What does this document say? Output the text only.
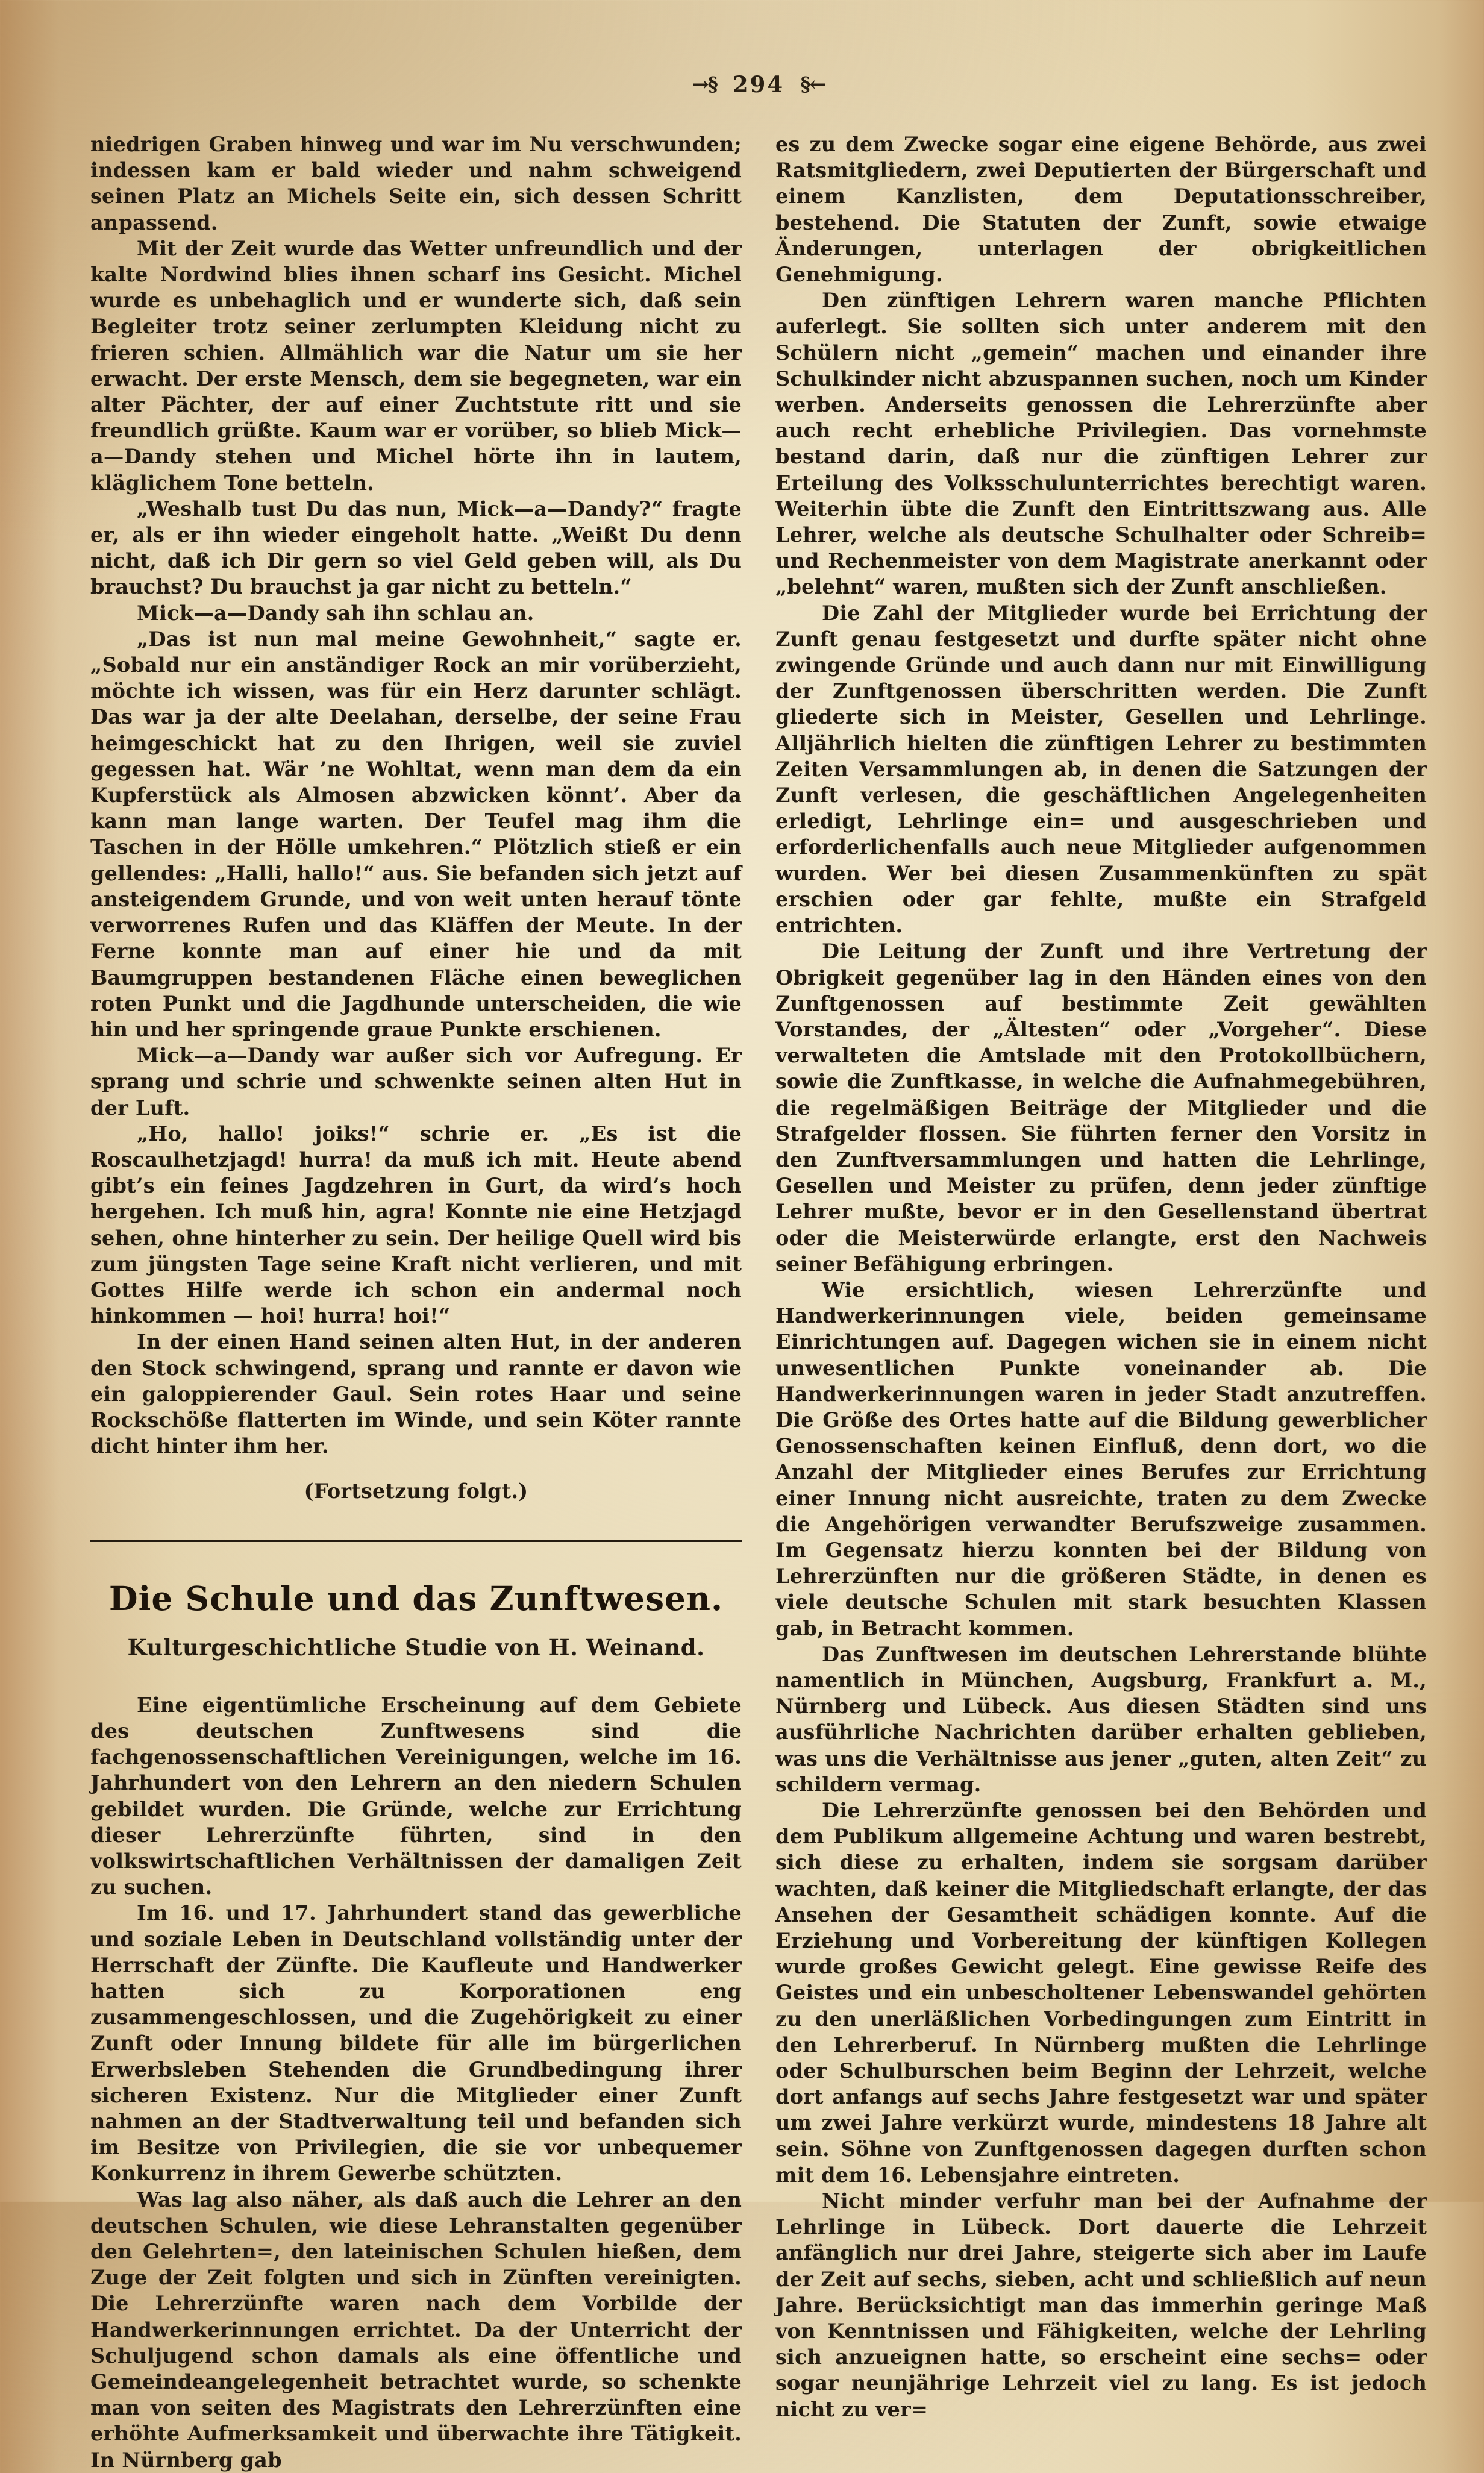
→§ 294 §←

niedrigen Graben hinweg und war im Nu verschwunden; indessen kam er bald wieder und nahm schweigend seinen Platz an Michels Seite ein, sich dessen Schritt anpassend.

Mit der Zeit wurde das Wetter unfreundlich und der kalte Nordwind blies ihnen scharf ins Gesicht. Michel wurde es unbehaglich und er wunderte sich, daß sein Begleiter trotz seiner zerlumpten Kleidung nicht zu frieren schien. Allmählich war die Natur um sie her erwacht. Der erste Mensch, dem sie begegneten, war ein alter Pächter, der auf einer Zuchtstute ritt und sie freundlich grüßte. Kaum war er vorüber, so blieb Mick—a—Dandy stehen und Michel hörte ihn in lautem, kläglichem Tone betteln.

„Weshalb tust Du das nun, Mick—a—Dandy?“ fragte er, als er ihn wieder eingeholt hatte. „Weißt Du denn nicht, daß ich Dir gern so viel Geld geben will, als Du brauchst? Du brauchst ja gar nicht zu betteln.“

Mick—a—Dandy sah ihn schlau an.

„Das ist nun mal meine Gewohnheit,“ sagte er. „Sobald nur ein anständiger Rock an mir vorüberzieht, möchte ich wissen, was für ein Herz darunter schlägt. Das war ja der alte Deelahan, derselbe, der seine Frau heimgeschickt hat zu den Ihrigen, weil sie zuviel gegessen hat. Wär ’ne Wohltat, wenn man dem da ein Kupferstück als Almosen abzwicken könnt’. Aber da kann man lange warten. Der Teufel mag ihm die Taschen in der Hölle umkehren.“ Plötzlich stieß er ein gellendes: „Halli, hallo!“ aus. Sie befanden sich jetzt auf ansteigendem Grunde, und von weit unten herauf tönte verworrenes Rufen und das Kläffen der Meute. In der Ferne konnte man auf einer hie und da mit Baumgruppen bestandenen Fläche einen beweglichen roten Punkt und die Jagdhunde unterscheiden, die wie hin und her springende graue Punkte erschienen.

Mick—a—Dandy war außer sich vor Aufregung. Er sprang und schrie und schwenkte seinen alten Hut in der Luft.

„Ho, hallo! joiks!“ schrie er. „Es ist die Roscaulhetzjagd! hurra! da muß ich mit. Heute abend gibt’s ein feines Jagdzehren in Gurt, da wird’s hoch hergehen. Ich muß hin, agra! Konnte nie eine Hetzjagd sehen, ohne hinterher zu sein. Der heilige Quell wird bis zum jüngsten Tage seine Kraft nicht verlieren, und mit Gottes Hilfe werde ich schon ein andermal noch hinkommen — hoi! hurra! hoi!“

In der einen Hand seinen alten Hut, in der anderen den Stock schwingend, sprang und rannte er davon wie ein galoppierender Gaul. Sein rotes Haar und seine Rockschöße flatterten im Winde, und sein Köter rannte dicht hinter ihm her.

(Fortsetzung folgt.)

Die Schule und das Zunftwesen.
Kulturgeschichtliche Studie von H. Weinand.

Eine eigentümliche Erscheinung auf dem Gebiete des deutschen Zunftwesens sind die fachgenossenschaftlichen Vereinigungen, welche im 16. Jahrhundert von den Lehrern an den niedern Schulen gebildet wurden. Die Gründe, welche zur Errichtung dieser Lehrerzünfte führten, sind in den volkswirtschaftlichen Verhältnissen der damaligen Zeit zu suchen.

Im 16. und 17. Jahrhundert stand das gewerbliche und soziale Leben in Deutschland vollständig unter der Herrschaft der Zünfte. Die Kaufleute und Handwerker hatten sich zu Korporationen eng zusammengeschlossen, und die Zugehörigkeit zu einer Zunft oder Innung bildete für alle im bürgerlichen Erwerbsleben Stehenden die Grundbedingung ihrer sicheren Existenz. Nur die Mitglieder einer Zunft nahmen an der Stadtverwaltung teil und befanden sich im Besitze von Privilegien, die sie vor unbequemer Konkurrenz in ihrem Gewerbe schützten.

Was lag also näher, als daß auch die Lehrer an den deutschen Schulen, wie diese Lehranstalten gegenüber den Gelehrten=, den lateinischen Schulen hießen, dem Zuge der Zeit folgten und sich in Zünften vereinigten. Die Lehrerzünfte waren nach dem Vorbilde der Handwerkerinnungen errichtet. Da der Unterricht der Schuljugend schon damals als eine öffentliche und Gemeindeangelegenheit betrachtet wurde, so schenkte man von seiten des Magistrats den Lehrerzünften eine erhöhte Aufmerksamkeit und überwachte ihre Tätigkeit. In Nürnberg gab

es zu dem Zwecke sogar eine eigene Behörde, aus zwei Ratsmitgliedern, zwei Deputierten der Bürgerschaft und einem Kanzlisten, dem Deputationsschreiber, bestehend. Die Statuten der Zunft, sowie etwaige Änderungen, unterlagen der obrigkeitlichen Genehmigung.

Den zünftigen Lehrern waren manche Pflichten auferlegt. Sie sollten sich unter anderem mit den Schülern nicht „gemein“ machen und einander ihre Schulkinder nicht abzuspannen suchen, noch um Kinder werben. Anderseits genossen die Lehrerzünfte aber auch recht erhebliche Privilegien. Das vornehmste bestand darin, daß nur die zünftigen Lehrer zur Erteilung des Volksschulunterrichtes berechtigt waren. Weiterhin übte die Zunft den Eintrittszwang aus. Alle Lehrer, welche als deutsche Schulhalter oder Schreib= und Rechenmeister von dem Magistrate anerkannt oder „belehnt“ waren, mußten sich der Zunft anschließen.

Die Zahl der Mitglieder wurde bei Errichtung der Zunft genau festgesetzt und durfte später nicht ohne zwingende Gründe und auch dann nur mit Einwilligung der Zunftgenossen überschritten werden. Die Zunft gliederte sich in Meister, Gesellen und Lehrlinge. Alljährlich hielten die zünftigen Lehrer zu bestimmten Zeiten Versammlungen ab, in denen die Satzungen der Zunft verlesen, die geschäftlichen Angelegenheiten erledigt, Lehrlinge ein= und ausgeschrieben und erforderlichenfalls auch neue Mitglieder aufgenommen wurden. Wer bei diesen Zusammenkünften zu spät erschien oder gar fehlte, mußte ein Strafgeld entrichten.

Die Leitung der Zunft und ihre Vertretung der Obrigkeit gegenüber lag in den Händen eines von den Zunftgenossen auf bestimmte Zeit gewählten Vorstandes, der „Ältesten“ oder „Vorgeher“. Diese verwalteten die Amtslade mit den Protokollbüchern, sowie die Zunftkasse, in welche die Aufnahmegebühren, die regelmäßigen Beiträge der Mitglieder und die Strafgelder flossen. Sie führten ferner den Vorsitz in den Zunftversammlungen und hatten die Lehrlinge, Gesellen und Meister zu prüfen, denn jeder zünftige Lehrer mußte, bevor er in den Gesellenstand übertrat oder die Meisterwürde erlangte, erst den Nachweis seiner Befähigung erbringen.

Wie ersichtlich, wiesen Lehrerzünfte und Handwerkerinnungen viele, beiden gemeinsame Einrichtungen auf. Dagegen wichen sie in einem nicht unwesentlichen Punkte voneinander ab. Die Handwerkerinnungen waren in jeder Stadt anzutreffen. Die Größe des Ortes hatte auf die Bildung gewerblicher Genossenschaften keinen Einfluß, denn dort, wo die Anzahl der Mitglieder eines Berufes zur Errichtung einer Innung nicht ausreichte, traten zu dem Zwecke die Angehörigen verwandter Berufszweige zusammen. Im Gegensatz hierzu konnten bei der Bildung von Lehrerzünften nur die größeren Städte, in denen es viele deutsche Schulen mit stark besuchten Klassen gab, in Betracht kommen.

Das Zunftwesen im deutschen Lehrerstande blühte namentlich in München, Augsburg, Frankfurt a. M., Nürnberg und Lübeck. Aus diesen Städten sind uns ausführliche Nachrichten darüber erhalten geblieben, was uns die Verhältnisse aus jener „guten, alten Zeit“ zu schildern vermag.

Die Lehrerzünfte genossen bei den Behörden und dem Publikum allgemeine Achtung und waren bestrebt, sich diese zu erhalten, indem sie sorgsam darüber wachten, daß keiner die Mitgliedschaft erlangte, der das Ansehen der Gesamtheit schädigen konnte. Auf die Erziehung und Vorbereitung der künftigen Kollegen wurde großes Gewicht gelegt. Eine gewisse Reife des Geistes und ein unbescholtener Lebenswandel gehörten zu den unerläßlichen Vorbedingungen zum Eintritt in den Lehrerberuf. In Nürnberg mußten die Lehrlinge oder Schulburschen beim Beginn der Lehrzeit, welche dort anfangs auf sechs Jahre festgesetzt war und später um zwei Jahre verkürzt wurde, mindestens 18 Jahre alt sein. Söhne von Zunftgenossen dagegen durften schon mit dem 16. Lebensjahre eintreten.

Nicht minder verfuhr man bei der Aufnahme der Lehrlinge in Lübeck. Dort dauerte die Lehrzeit anfänglich nur drei Jahre, steigerte sich aber im Laufe der Zeit auf sechs, sieben, acht und schließlich auf neun Jahre. Berücksichtigt man das immerhin geringe Maß von Kenntnissen und Fähigkeiten, welche der Lehrling sich anzueignen hatte, so erscheint eine sechs= oder sogar neunjährige Lehrzeit viel zu lang. Es ist jedoch nicht zu ver=
